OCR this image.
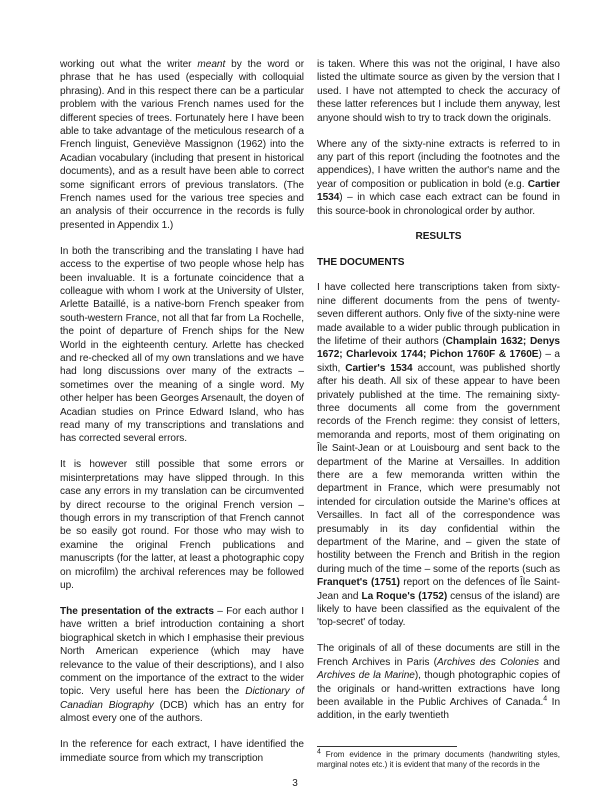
working out what the writer meant by the word or phrase that he has used (especially with colloquial phrasing). And in this respect there can be a particular problem with the various French names used for the different species of trees. Fortunately here I have been able to take advantage of the meticulous research of a French linguist, Geneviève Massignon (1962) into the Acadian vocabulary (including that present in historical documents), and as a result have been able to correct some significant errors of previous translators. (The French names used for the various tree species and an analysis of their occurrence in the records is fully presented in Appendix 1.)

In both the transcribing and the translating I have had access to the expertise of two people whose help has been invaluable. It is a fortunate coincidence that a colleague with whom I work at the University of Ulster, Arlette Bataillé, is a native-born French speaker from south-western France, not all that far from La Rochelle, the point of departure of French ships for the New World in the eighteenth century. Arlette has checked and re-checked all of my own translations and we have had long discussions over many of the extracts – sometimes over the meaning of a single word. My other helper has been Georges Arsenault, the doyen of Acadian studies on Prince Edward Island, who has read many of my transcriptions and translations and has corrected several errors.

It is however still possible that some errors or misinterpretations may have slipped through. In this case any errors in my translation can be circumvented by direct recourse to the original French version – though errors in my transcription of that French cannot be so easily got round. For those who may wish to examine the original French publications and manuscripts (for the latter, at least a photographic copy on microfilm) the archival references may be followed up.

The presentation of the extracts – For each author I have written a brief introduction containing a short biographical sketch in which I emphasise their previous North American experience (which may have relevance to the value of their descriptions), and I also comment on the importance of the extract to the wider topic. Very useful here has been the Dictionary of Canadian Biography (DCB) which has an entry for almost every one of the authors.

In the reference for each extract, I have identified the immediate source from which my transcription

is taken. Where this was not the original, I have also listed the ultimate source as given by the version that I used. I have not attempted to check the accuracy of these latter references but I include them anyway, lest anyone should wish to try to track down the originals.

Where any of the sixty-nine extracts is referred to in any part of this report (including the footnotes and the appendices), I have written the author's name and the year of composition or publication in bold (e.g. Cartier 1534) – in which case each extract can be found in this source-book in chronological order by author.

RESULTS
THE DOCUMENTS

I have collected here transcriptions taken from sixty-nine different documents from the pens of twenty-seven different authors. Only five of the sixty-nine were made available to a wider public through publication in the lifetime of their authors (Champlain 1632; Denys 1672; Charlevoix 1744; Pichon 1760F & 1760E) – a sixth, Cartier's 1534 account, was published shortly after his death. All six of these appear to have been privately published at the time. The remaining sixty-three documents all come from the government records of the French regime: they consist of letters, memoranda and reports, most of them originating on Île Saint-Jean or at Louisbourg and sent back to the department of the Marine at Versailles. In addition there are a few memoranda written within the department in France, which were presumably not intended for circulation outside the Marine's offices at Versailles. In fact all of the correspondence was presumably in its day confidential within the department of the Marine, and – given the state of hostility between the French and British in the region during much of the time – some of the reports (such as Franquet's (1751) report on the defences of Île Saint-Jean and La Roque's (1752) census of the island) are likely to have been classified as the equivalent of the 'top-secret' of today.

The originals of all of these documents are still in the French Archives in Paris (Archives des Colonies and Archives de la Marine), though photographic copies of the originals or hand-written extractions have long been available in the Public Archives of Canada.$^4$ In addition, in the early twentieth

$^4$ From evidence in the primary documents (handwriting styles, marginal notes etc.) it is evident that many of the records in the
3
